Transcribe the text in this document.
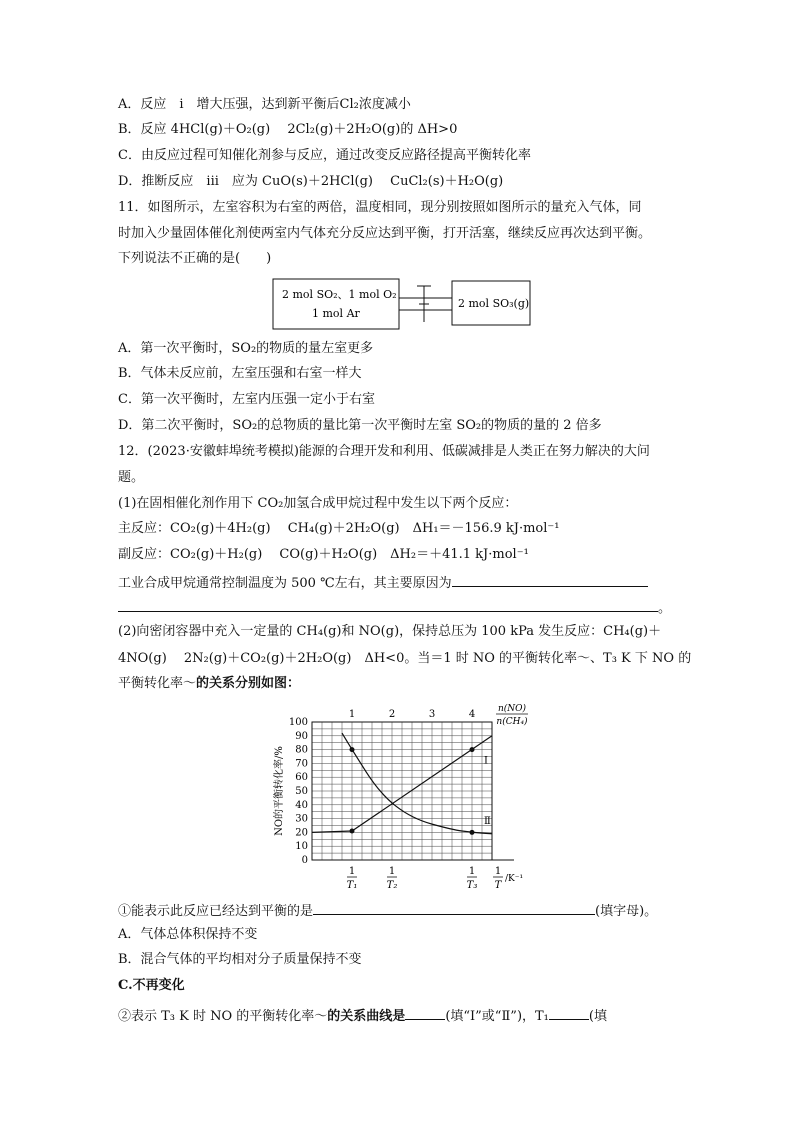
A．反应　i　增大压强，达到新平衡后Cl₂浓度减小
B．反应 4HCl(g)＋O₂(g)　 2Cl₂(g)＋2H₂O(g)的 ΔH>0
C．由反应过程可知催化剂参与反应，通过改变反应路径提高平衡转化率
D．推断反应　iii　应为 CuO(s)＋2HCl(g)　 CuCl₂(s)＋H₂O(g)
11．如图所示，左室容积为右室的两倍，温度相同，现分别按照如图所示的量充入气体，同
时加入少量固体催化剂使两室内气体充分反应达到平衡，打开活塞，继续反应再次达到平衡。
下列说法不正确的是(　　)
2 mol SO₂、1 mol O₂
1 mol Ar
2 mol SO₃(g)
A．第一次平衡时，SO₂的物质的量左室更多
B．气体未反应前，左室压强和右室一样大
C．第一次平衡时，左室内压强一定小于右室
D．第二次平衡时，SO₂的总物质的量比第一次平衡时左室 SO₂的物质的量的 2 倍多
12．(2023·安徽蚌埠统考模拟)能源的合理开发和利用、低碳减排是人类正在努力解决的大问
题。
(1)在固相催化剂作用下 CO₂加氢合成甲烷过程中发生以下两个反应：
主反应：CO₂(g)＋4H₂(g)　 CH₄(g)＋2H₂O(g)　ΔH₁＝－156.9 kJ·mol⁻¹
副反应：CO₂(g)＋H₂(g)　 CO(g)＋H₂O(g)　ΔH₂＝＋41.1 kJ·mol⁻¹
工业合成甲烷通常控制温度为 500 ℃左右，其主要原因为
。
(2)向密闭容器中充入一定量的 CH₄(g)和 NO(g)，保持总压为 100 kPa 发生反应：CH₄(g)＋
4NO(g)　 2N₂(g)＋CO₂(g)＋2H₂O(g)　ΔH<0。当＝1 时 NO 的平衡转化率～、T₃ K 下 NO 的
平衡转化率～的关系分别如图：
0
10
20
30
40
50
60
70
80
90
100
1	2	3	4
1
T₁
1
T₂
1
T₃
1
T
/K⁻¹
Ⅰ
Ⅱ
NO的平衡转化率/%
n(NO)
n(CH₄)
①能表示此反应已经达到平衡的是	(填字母)。
A．气体总体积保持不变
B．混合气体的平均相对分子质量保持不变
C.不再变化
②表示 T₃ K 时 NO 的平衡转化率～的关系曲线是	(填“Ⅰ”或“Ⅱ”)，T₁	(填
